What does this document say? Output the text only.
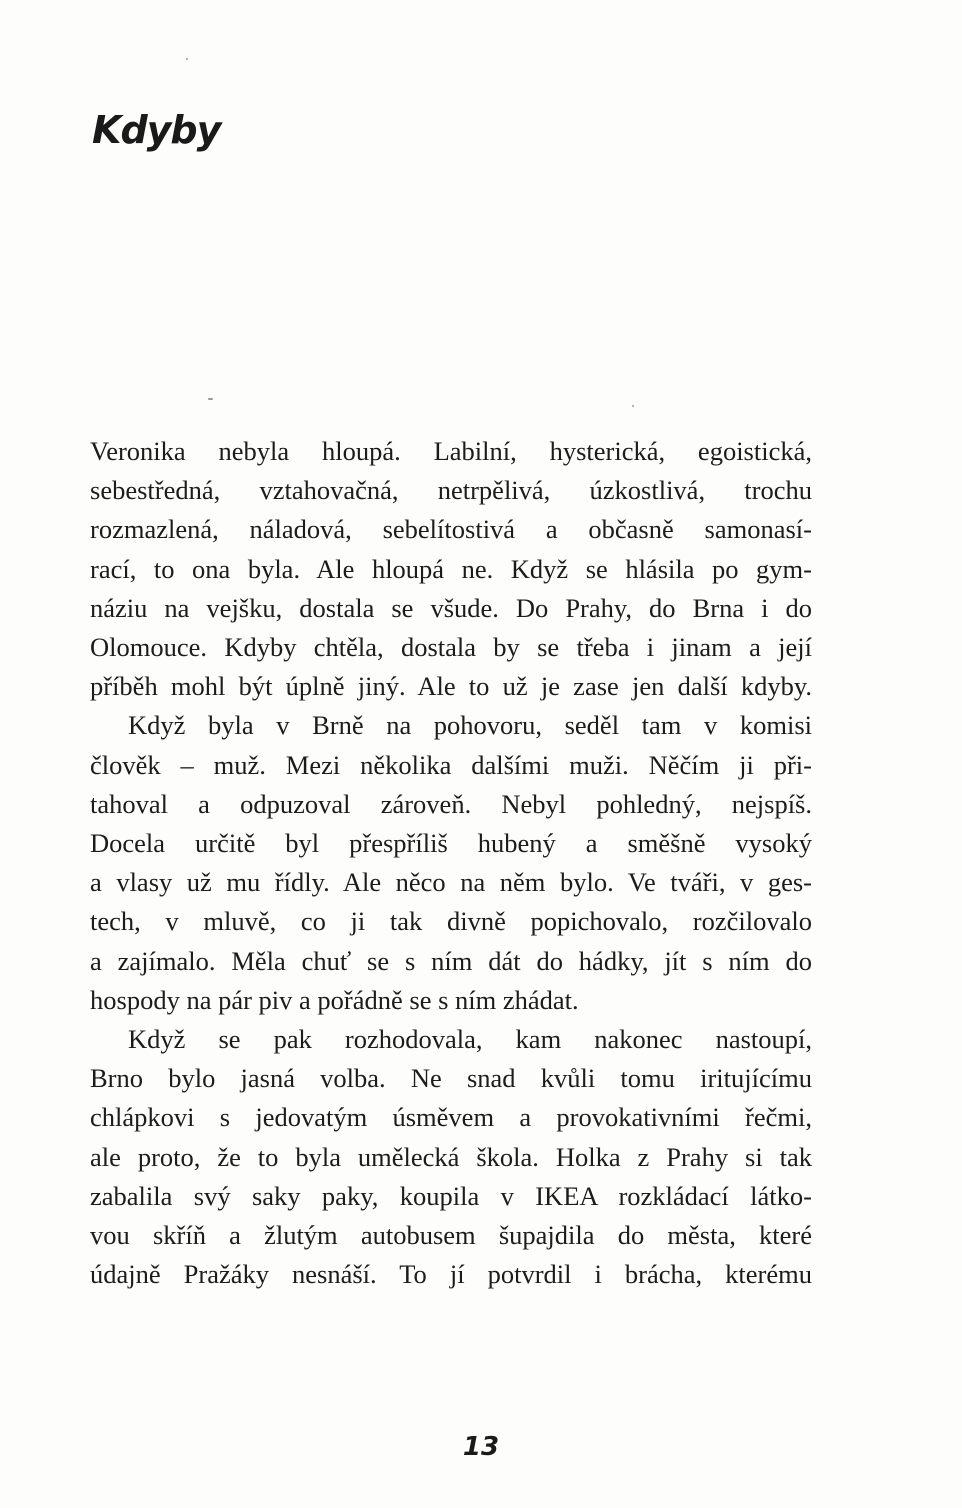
Kdyby

Veronika nebyla hloupá. Labilní, hysterická, egoistická,
sebestředná, vztahovačná, netrpělivá, úzkostlivá, trochu
rozmazlená, náladová, sebelítostivá a občasně samonasí-
rací, to ona byla. Ale hloupá ne. Když se hlásila po gym-
náziu na vejšku, dostala se všude. Do Prahy, do Brna i do
Olomouce. Kdyby chtěla, dostala by se třeba i jinam a její
příběh mohl být úplně jiný. Ale to už je zase jen další kdyby.

Když byla v Brně na pohovoru, seděl tam v komisi
člověk – muž. Mezi několika dalšími muži. Něčím ji při-
tahoval a odpuzoval zároveň. Nebyl pohledný, nejspíš.
Docela určitě byl přespříliš hubený a směšně vysoký
a vlasy už mu řídly. Ale něco na něm bylo. Ve tváři, v ges-
tech, v mluvě, co ji tak divně popichovalo, rozčilovalo
a zajímalo. Měla chuť se s ním dát do hádky, jít s ním do
hospody na pár piv a pořádně se s ním zhádat.

Když se pak rozhodovala, kam nakonec nastoupí,
Brno bylo jasná volba. Ne snad kvůli tomu iritujícímu
chlápkovi s jedovatým úsměvem a provokativními řečmi,
ale proto, že to byla umělecká škola. Holka z Prahy si tak
zabalila svý saky paky, koupila v IKEA rozkládací látko-
vou skříň a žlutým autobusem šupajdila do města, které
údajně Pražáky nesnáší. To jí potvrdil i brácha, kterému

13
